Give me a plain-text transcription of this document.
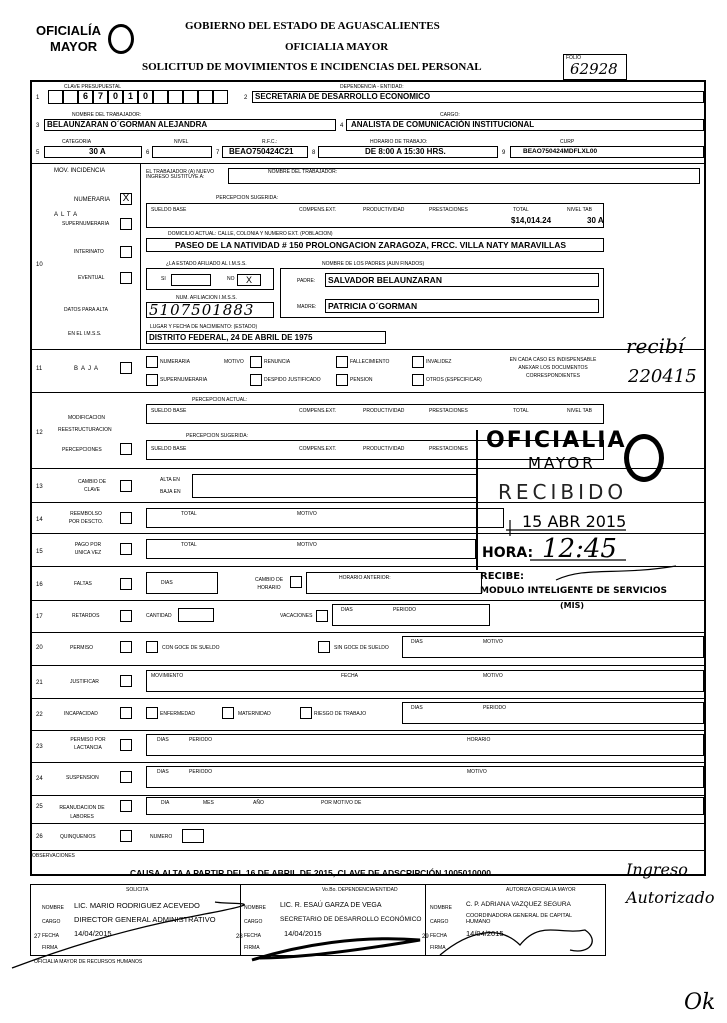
OFICIALÍA
MAYOR
GOBIERNO DEL ESTADO DE AGUASCALIENTES
OFICIALIA MAYOR
SOLICITUD DE MOVIMIENTOS E INCIDENCIAS DEL PERSONAL
FOLIO
62928
1
CLAVE PRESUPUESTAL
6	7	0	1	0	2
DEPENDENCIA - ENTIDAD:
SECRETARIA DE DESARROLLO ECONOMICO
3
NOMBRE DEL TRABAJADOR:
BELAUNZARAN O´GORMAN ALEJANDRA	4
CARGO:
ANALISTA DE COMUNICACIÓN INSTITUCIONAL
5
CATEGORIA
30 A	6
NIVEL
7
R.F.C.:
BEAO750424C21	8
HORARIO DE TRABAJO:
DE 8:00 A 15:30 HRS.	9
CURP
BEAO750424MDFLXL00
MOV. INCIDENCIA	EL TRABAJADOR (A) NUEVO INGRESO SUSTITUYE A:
NOMBRE DEL TRABAJADOR:
NUMERARIA X
ALTA
SUPERNUMERARIA
INTERINATO
EVENTUAL
DATOS PARA ALTA
EN EL I.M.S.S.
10
PERCEPCION SUGERIDA:
SUELDO BASE	COMPENS.EXT.	PRODUCTIVIDAD	PRESTACIONES	TOTAL	NIVEL TAB
$14,014.24	30 A
DOMICILIO ACTUAL: CALLE, COLONIA Y NUMERO EXT. (POBLACION)
PASEO DE LA NATIVIDAD # 150 PROLONGACION ZARAGOZA, FRCC. VILLA NATY MARAVILLAS
¿LA ESTADO AFILIADO AL I.M.S.S.
SI	NO	X
NOMBRE DE LOS PADRES (AUN FINADOS)
PADRE: SALVADOR BELAUNZARAN
MADRE: PATRICIA O´GORMAN
NUM. AFILIACION I.M.S.S.
5107501883
LUGAR Y FECHA DE NACIMIENTO: (ESTADO)
DISTRITO FEDERAL, 24 DE ABRIL DE 1975
11	BAJA
NUMERARIA	MOTIVO	RENUNCIA	FALLECIMIENTO	INVALIDEZ
SUPERNUMERARIA	DESPIDO JUSTIFICADO	PENSION	OTROS (ESPECIFICAR)
EN CADA CASO ES INDISPENSABLE ANEXAR LOS DOCUMENTOS CORRESPONDIENTES
12
MODIFICACION
REESTRUCTURACION
PERCEPCIONES
PERCEPCION ACTUAL:
SUELDO BASE	COMPENS.EXT.	PRODUCTIVIDAD	PRESTACIONES	TOTAL	NIVEL TAB
PERCEPCION SUGERIDA:
SUELDO BASE	COMPENS.EXT.	PRODUCTIVIDAD	PRESTACIONES
13
CAMBIO DE CLAVE
ALTA EN
BAJA EN
14
REEMBOLSO POR DESCTO.
TOTAL	MOTIVO
15
PAGO POR UNICA VEZ
TOTAL	MOTIVO
16	FALTAS	DIAS	CAMBIO DE HORARIO
HORARIO ANTERIOR:
17	RETARDOS	CANTIDAD	VACACIONES
DIAS	PERIODO
20	PERMISO	CON GOCE DE SUELDO	SIN GOCE DE SUELDO
DIAS	MOTIVO
21	JUSTIFICAR
MOVIMIENTO	FECHA	MOTIVO
22	INCAPACIDAD	ENFERMEDAD	MATERNIDAD	RIESGO DE TRABAJO
DIAS	PERIODO
23
PERMISO POR LACTANCIA
DIAS	PERIODO	HORARIO
24	SUSPENSION
DIAS	PERIODO	MOTIVO
25	REANUDACION DE LABORES
DIA	MES	AÑO	POR MOTIVO DE
26	QUINQUENIOS	NUMERO
OBSERVACIONES
CAUSA ALTA A PARTIR DEL 16 DE ABRIL DE 2015, CLAVE DE ADSCRIPCIÓN 1005010000
SOLICITA	Vo.Bo. DEPENDENCIA/ENTIDAD	AUTORIZA OFICIALIA MAYOR
NOMBRE LIC. MARIO RODRIGUEZ ACEVEDO
CARGO DIRECTOR GENERAL ADMINISTRATIVO
27 FECHA 14/04/2015
FIRMA
NOMBRE LIC. R. ESAÚ GARZA DE VEGA
CARGO	SECRETARIO DE DESARROLLO ECONÓMICO
28 FECHA	14/04/2015
FIRMA
NOMBRE C. P. ADRIANA VAZQUEZ SEGURA
CARGO
COORDINADORA GENERAL DE CAPITAL HUMANO
29 FECHA	14/04/2015
FIRMA
OFICIALIA MAYOR DE RECURSOS HUMANOS
OFICIALIA
MAYOR
RECIBIDO
15 ABR 2015
HORA: 12:45
RECIBE:
MODULO INTELIGENTE DE SERVICIOS
(MIS)
recibí
220415
Ingreso
Autorizado
Ok
